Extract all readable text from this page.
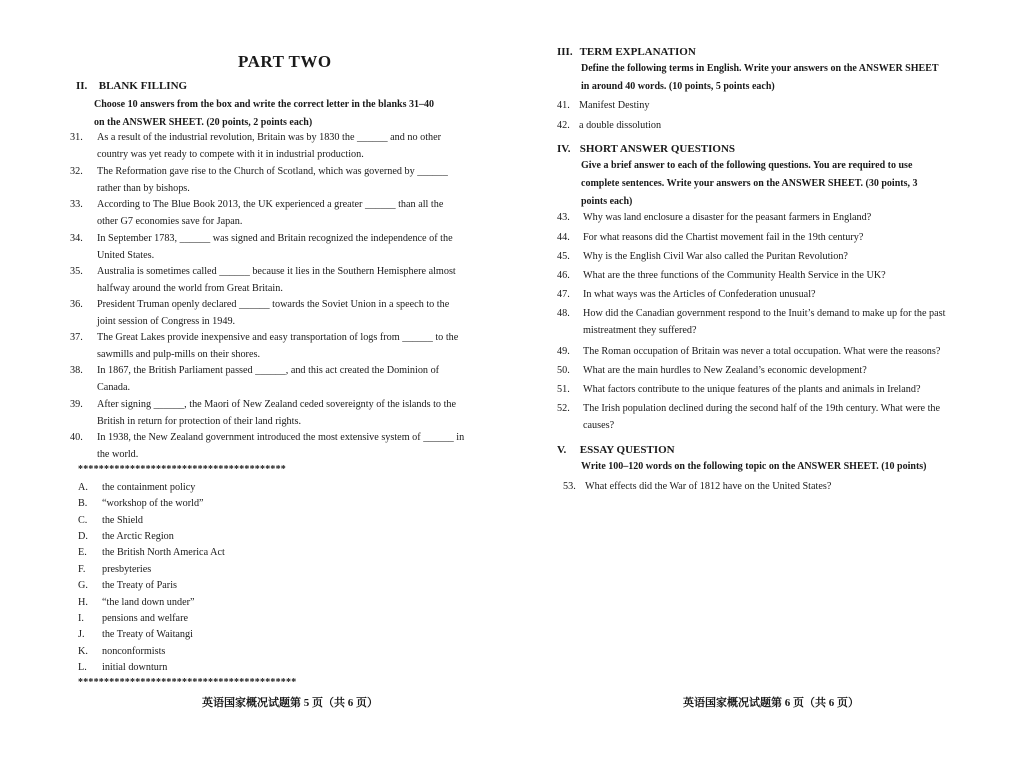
PART TWO
II. BLANK FILLING
Choose 10 answers from the box and write the correct letter in the blanks 31–40
on the ANSWER SHEET. (20 points, 2 points each)
31.	As a result of the industrial revolution, Britain was by 1830 the ______ and no other
country was yet ready to compete with it in industrial production.
32.	The Reformation gave rise to the Church of Scotland, which was governed by ______
rather than by bishops.
33.	According to The Blue Book 2013, the UK experienced a greater ______ than all the
other G7 economies save for Japan.
34.	In September 1783, ______ was signed and Britain recognized the independence of the
United States.
35.	Australia is sometimes called ______ because it lies in the Southern Hemisphere almost
halfway around the world from Great Britain.
36.	President Truman openly declared ______ towards the Soviet Union in a speech to the
joint session of Congress in 1949.
37.	The Great Lakes provide inexpensive and easy transportation of logs from ______ to the
sawmills and pulp-mills on their shores.
38.	In 1867, the British Parliament passed ______, and this act created the Dominion of
Canada.
39.	After signing ______, the Maori of New Zealand ceded sovereignty of the islands to the
British in return for protection of their land rights.
40.	In 1938, the New Zealand government introduced the most extensive system of ______ in
the world.
****************************************
A. the containment policy
B. “workshop of the world”
C. the Shield
D. the Arctic Region
E. the British North America Act
F. presbyteries
G. the Treaty of Paris
H. “the land down under”
I. pensions and welfare
J. the Treaty of Waitangi
K. nonconformists
L. initial downturn
******************************************
英语国家概况试题第 5 页（共 6 页）
III. TERM EXPLANATION
Define the following terms in English. Write your answers on the ANSWER SHEET
in around 40 words. (10 points, 5 points each)
41. Manifest Destiny
42. a double dissolution
IV. SHORT ANSWER QUESTIONS
Give a brief answer to each of the following questions. You are required to use
complete sentences. Write your answers on the ANSWER SHEET. (30 points, 3
points each)
43.	Why was land enclosure a disaster for the peasant farmers in England?
44.	For what reasons did the Chartist movement fail in the 19th century?
45.	Why is the English Civil War also called the Puritan Revolution?
46.	What are the three functions of the Community Health Service in the UK?
47.	In what ways was the Articles of Confederation unusual?
48.	How did the Canadian government respond to the Inuit’s demand to make up for the past
mistreatment they suffered?
49.	The Roman occupation of Britain was never a total occupation. What were the reasons?
50.	What are the main hurdles to New Zealand’s economic development?
51.	What factors contribute to the unique features of the plants and animals in Ireland?
52.	The Irish population declined during the second half of the 19th century. What were the
causes?
V. ESSAY QUESTION
Write 100–120 words on the following topic on the ANSWER SHEET. (10 points)
53. What effects did the War of 1812 have on the United States?
英语国家概况试题第 6 页（共 6 页）
